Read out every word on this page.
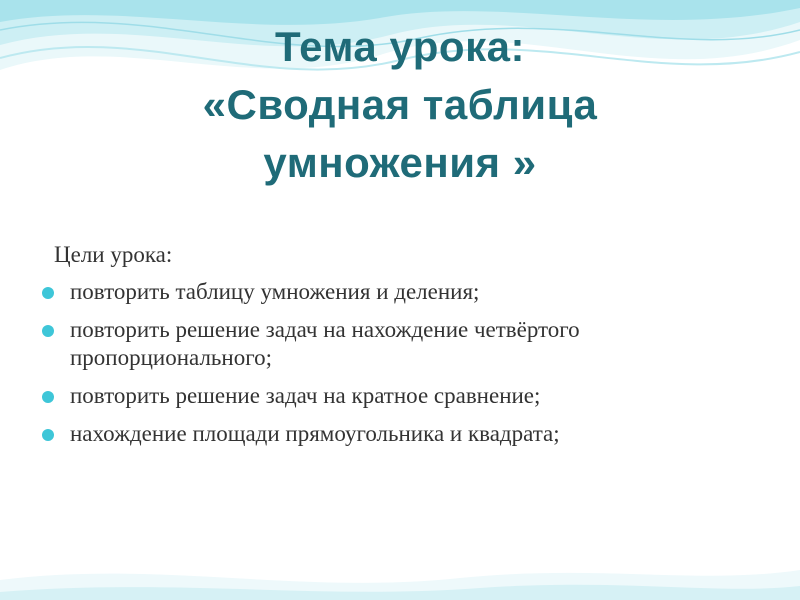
Тема урока:
«Сводная таблица
умножения »
Цели урока:
повторить таблицу умножения и деления;
повторить решение задач на нахождение четвёртого пропорционального;
повторить решение задач на кратное сравнение;
нахождение площади прямоугольника и квадрата;
